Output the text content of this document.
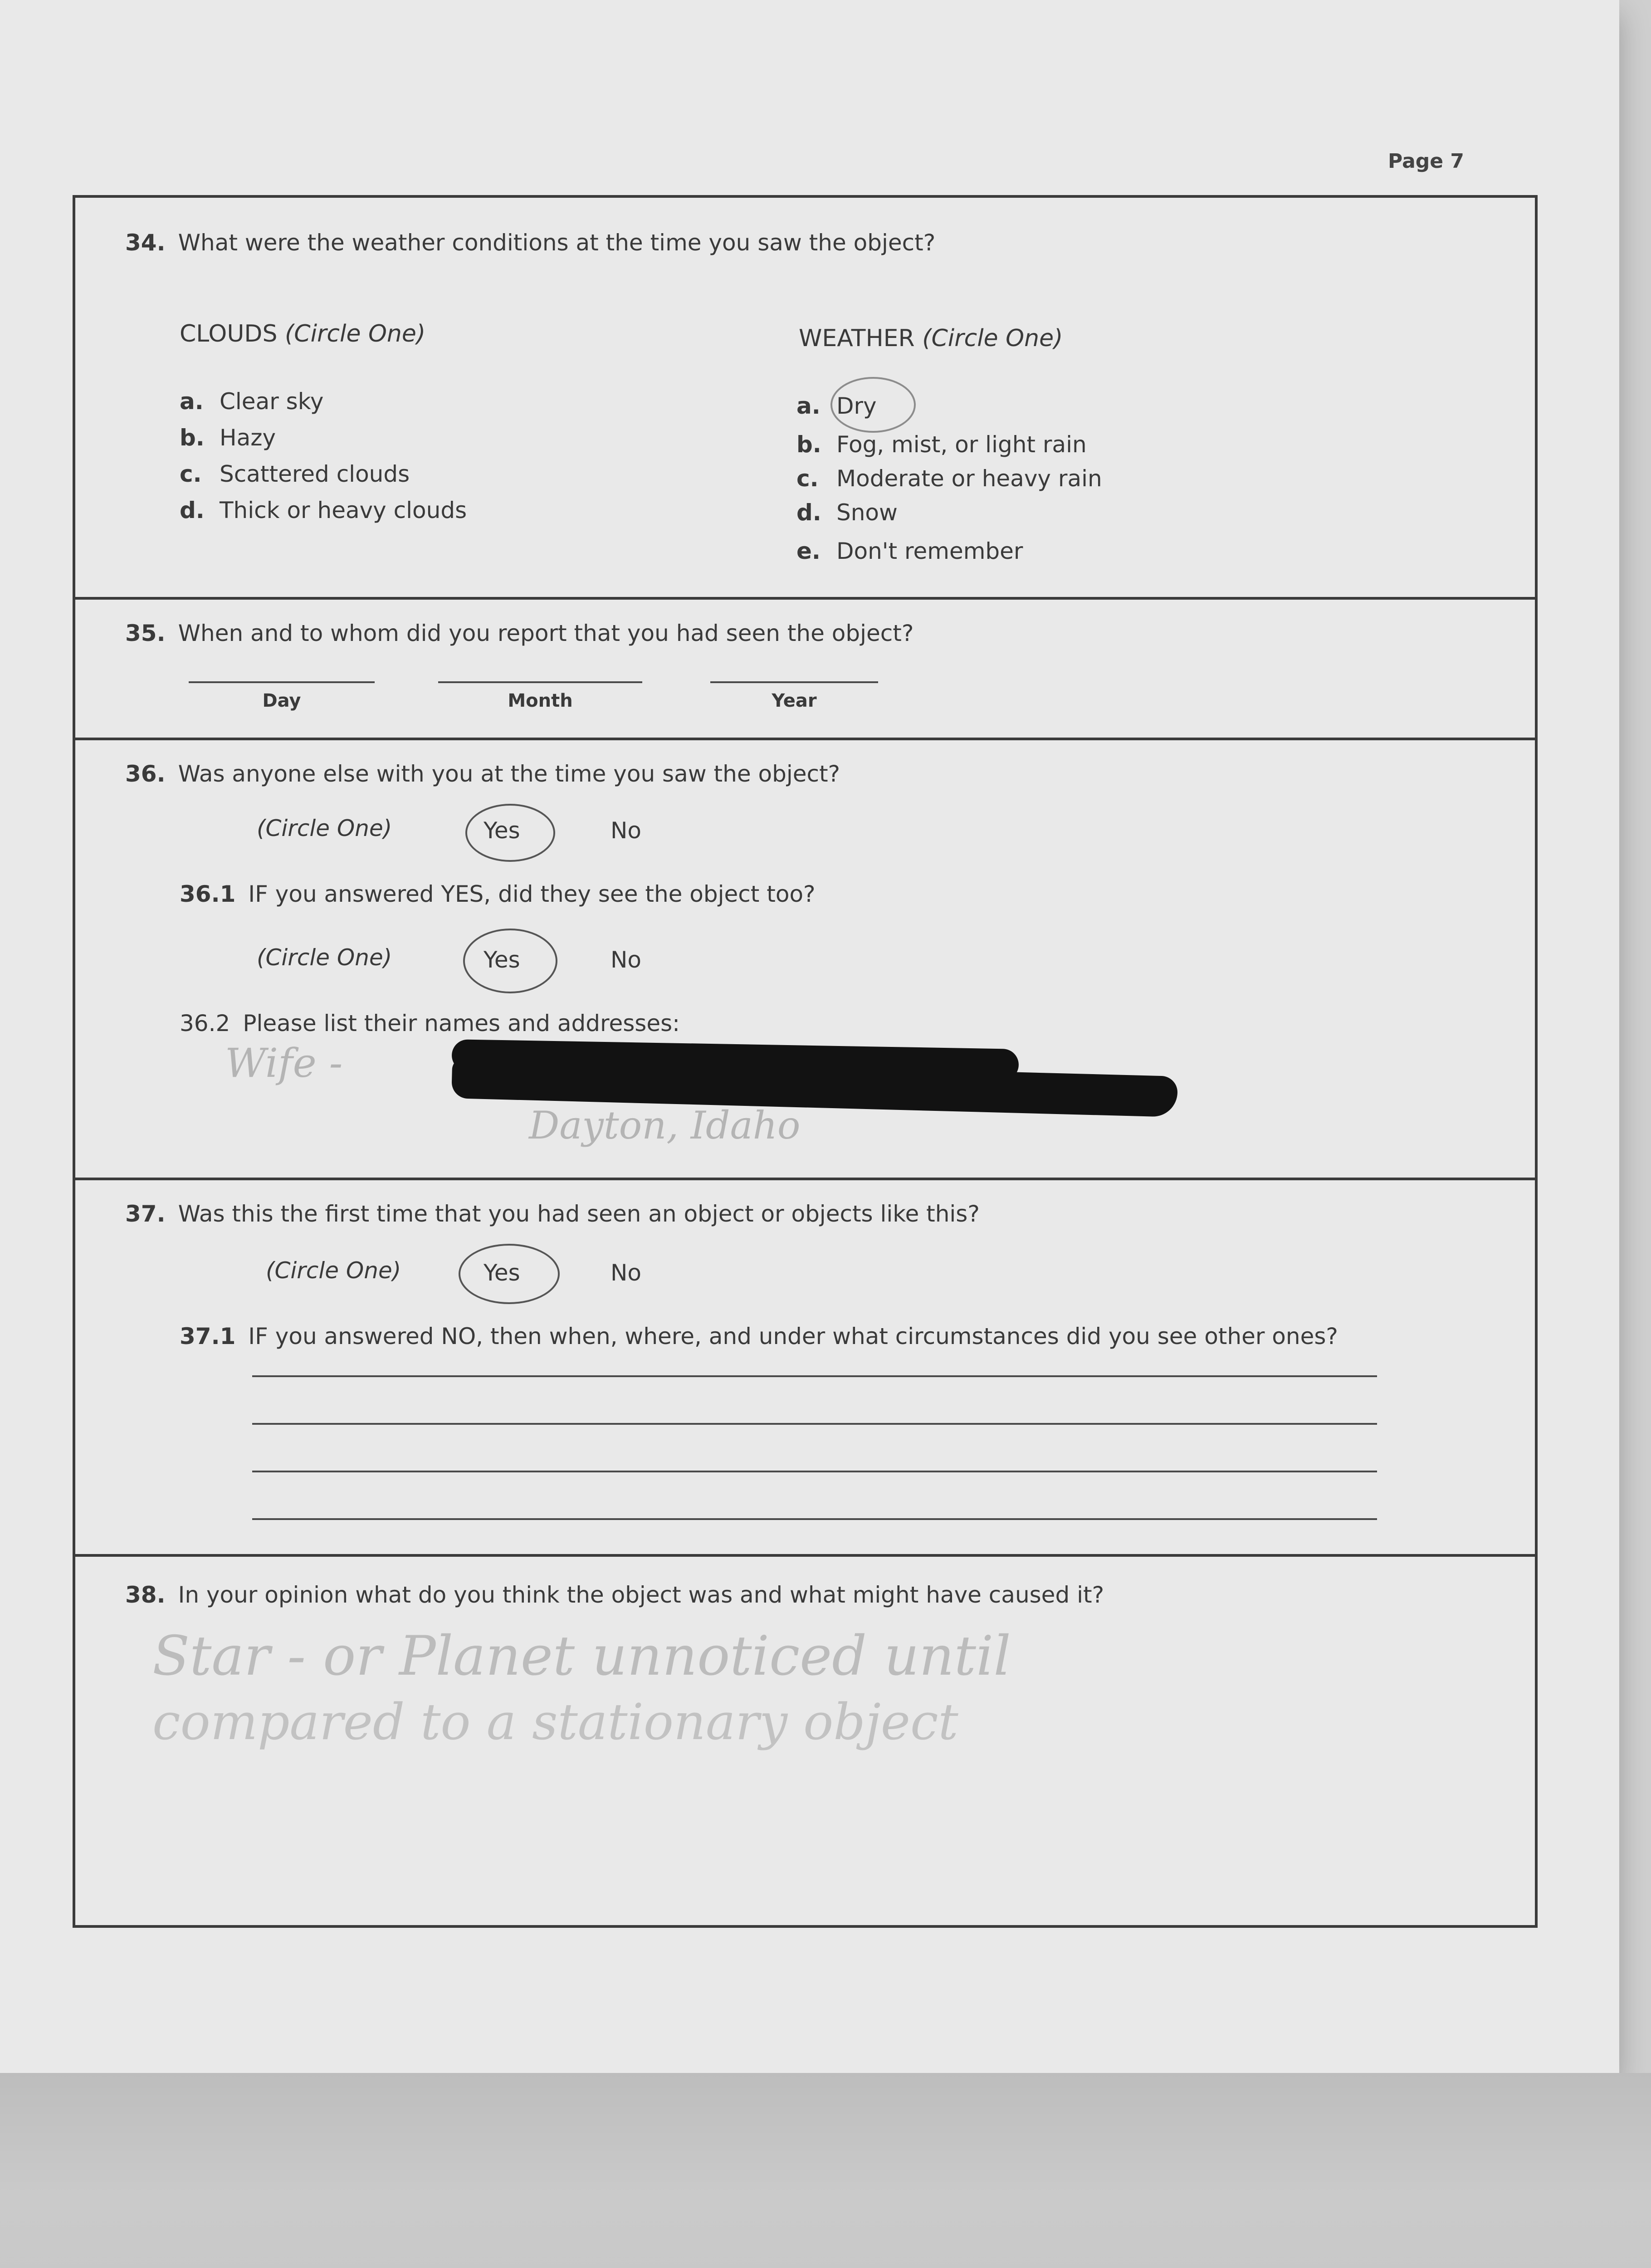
Page 7
34. What were the weather conditions at the time you saw the object?
CLOUDS (Circle One)
a. Clear sky
b. Hazy
c. Scattered clouds
d. Thick or heavy clouds
WEATHER (Circle One)
a. Dry
b. Fog, mist, or light rain
c. Moderate or heavy rain
d. Snow
e. Don't remember
35. When and to whom did you report that you had seen the object?
Day	Month	Year
36. Was anyone else with you at the time you saw the object?
(Circle One)	Yes	No
36.1 IF you answered YES, did they see the object too?
(Circle One)	Yes	No
36.2 Please list their names and addresses:
Wife -
Dayton, Idaho
37. Was this the first time that you had seen an object or objects like this?
(Circle One)	Yes	No
37.1 IF you answered NO, then when, where, and under what circumstances did you see other ones?
38. In your opinion what do you think the object was and what might have caused it?
Star - or Planet unnoticed until
compared to a stationary object
